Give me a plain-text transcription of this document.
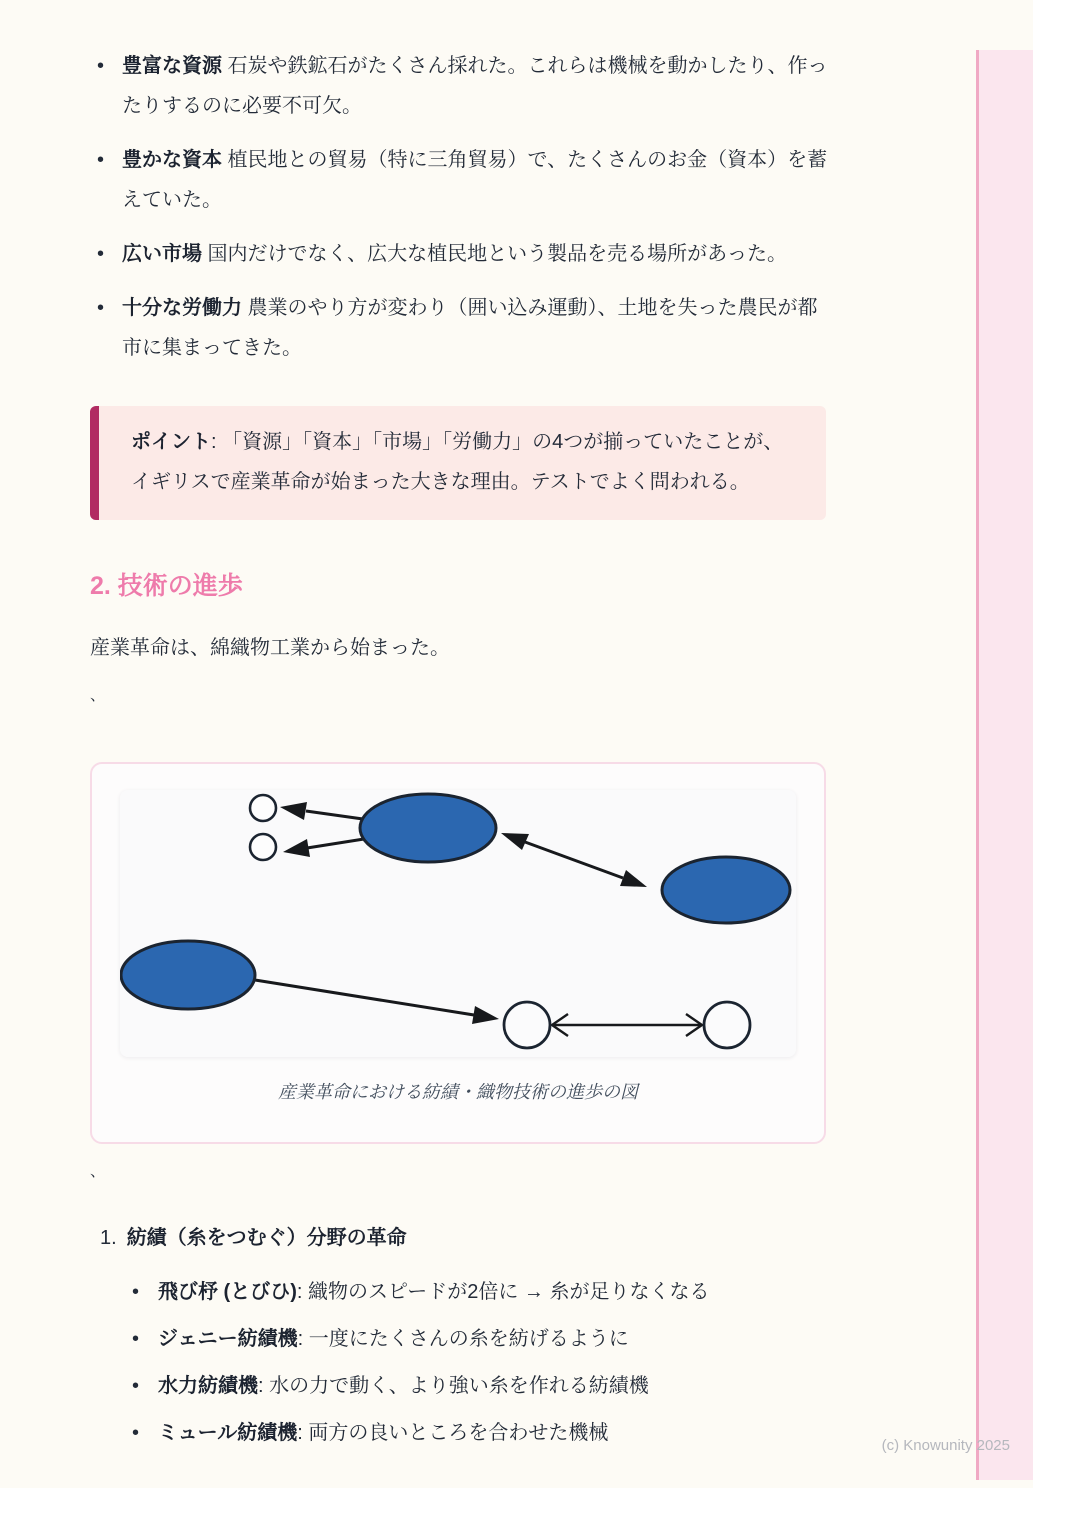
• 豊富な資源 石炭や鉄鉱石がたくさん採れた。これらは機械を動かしたり、作ったりするのに必要不可欠。
• 豊かな資本 植民地との貿易（特に三角貿易）で、たくさんのお金（資本）を蓄えていた。
• 広い市場 国内だけでなく、広大な植民地という製品を売る場所があった。
• 十分な労働力 農業のやり方が変わり（囲い込み運動）、土地を失った農民が都市に集まってきた。
ポイント: 「資源」「資本」「市場」「労働力」の4つが揃っていたことが、イギリスで産業革命が始まった大きな理由。テストでよく問われる。
2. 技術の進歩

産業革命は、綿織物工業から始まった。

、

産業革命における紡績・織物技術の進歩の図

、

1. 紡績（糸をつむぐ）分野の革命
• 飛び杼 (とびひ): 織物のスピードが2倍に → 糸が足りなくなる
• ジェニー紡績機: 一度にたくさんの糸を紡げるように
• 水力紡績機: 水の力で動く、より強い糸を作れる紡績機
• ミュール紡績機: 両方の良いところを合わせた機械
(c) Knowunity 2025
